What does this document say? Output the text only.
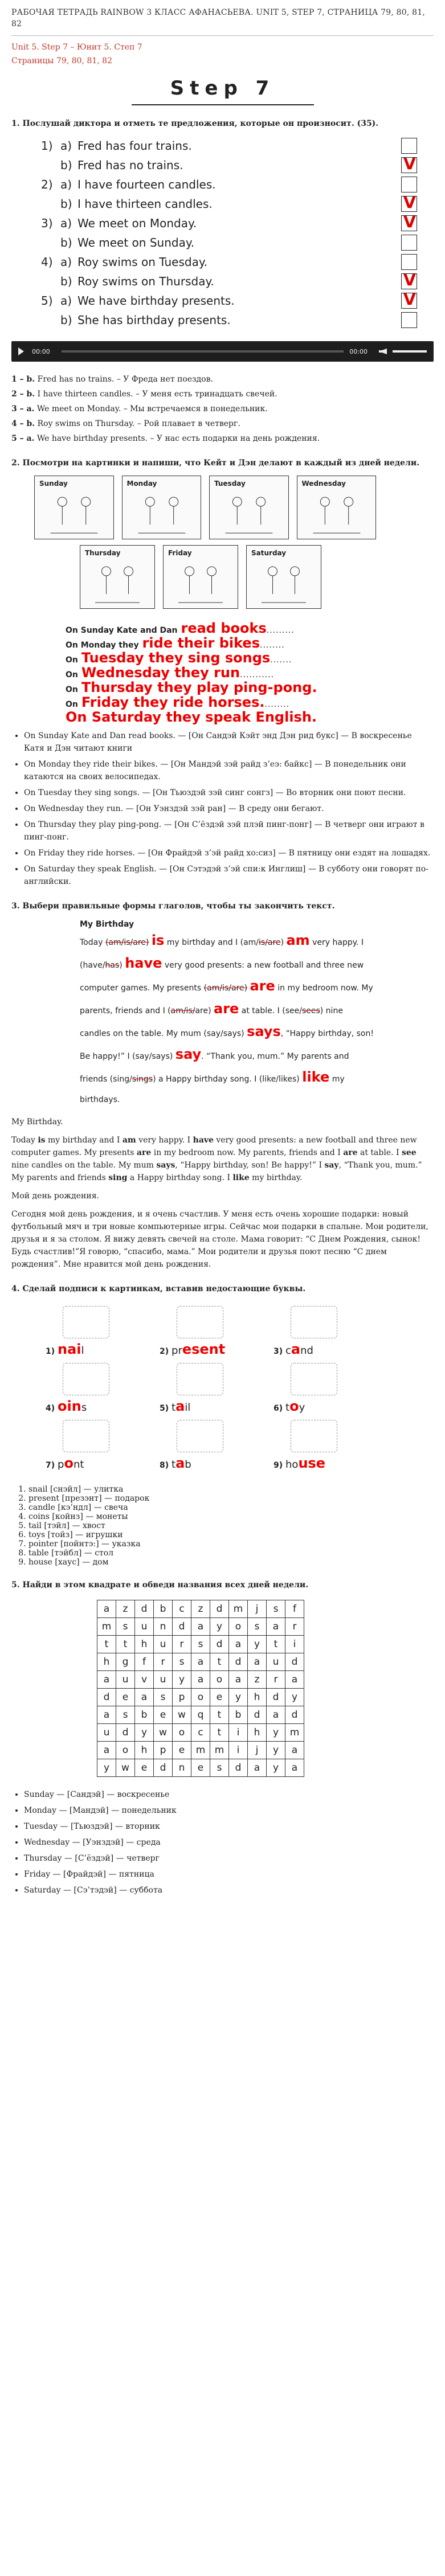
РАБОЧАЯ ТЕТРАДЬ RAINBOW 3 КЛАСС АФАНАСЬЕВА. UNIT 5, STEP 7, СТРАНИЦА 79, 80, 81, 82
Unit 5. Step 7 – Юнит 5. Степ 7
Страницы 79, 80, 81, 82
Step 7
1. Послушай диктора и отметь те предложения, которые он произносит. (35).
1) a) Fred has four trains.
b) Fred has no trains.	V
2) a) I have fourteen candles.
b) I have thirteen candles.	V
3) a) We meet on Monday.	V
b) We meet on Sunday.
4) a) Roy swims on Tuesday.
b) Roy swims on Thursday.	V
5) a) We have birthday presents.	V
b) She has birthday presents.
00:00	00:00

1 – b. Fred has no trains. – У Фреда нет поездов.

2 – b. I have thirteen candles. – У меня есть тринадцать свечей.

3 – a. We meet on Monday. – Мы встречаемся в понедельник.

4 – b. Roy swims on Thursday. – Рой плавает в четверг.

5 – a. We have birthday presents. – У нас есть подарки на день рождения.

2. Посмотри на картинки и напиши, что Кейт и Дэн делают в каждый из дней недели.
Sunday	Monday	Tuesday	Wednesday
Thursday	Friday	Saturday
On Sunday Kate and Dan read books .........
On Monday they ride their bikes ........
On Tuesday they sing songs .......
On Wednesday they run ...........
On Thursday they play ping-pong.
On Friday they ride horses. ........
On Saturday they speak English.
• On Sunday Kate and Dan read books. — [Он Сандэй Кэйт энд Дэн рид букс] — В воскресенье Катя и Дэн читают книги
• On Monday they ride their bikes. — [Он Мандэй зэй райд з’еэ: байкс] — В понедельник они катаются на своих велосипедах.
• On Tuesday they sing songs. — [Он Тьюздэй зэй синг сонгз] — Во вторник они поют песни.
• On Wednesday they run. — [Он Уэнздэй зэй ран] — В среду они бегают.
• On Thursday they play ping-pong. — [Он С’ёздэй зэй плэй пинг-понг] — В четверг они играют в пинг-понг.
• On Friday they ride horses. — [Он Фрайдэй з’эй райд хо:сиз] — В пятницу они ездят на лошадях.
• On Saturday they speak English. — [Он Сэтэдэй з’эй спи:к Инглиш] — В субботу они говорят по-английски.
3. Выбери правильные формы глаголов, чтобы ты закончить текст.
My Birthday
Today (am/is/are) is my birthday and I (am/is/are) am very happy. I (have/has) have very good presents: a new football and three new computer games. My presents (am/is/are) are in my bedroom now. My parents, friends and I (am/is/are) are at table. I (see/sees) nine candles on the table. My mum (say/says) says, “Happy birthday, son! Be happy!” I (say/says) say. “Thank you, mum.” My parents and friends (sing/sings) a Happy birthday song. I (like/likes) like my birthdays.

My Birthday.

Today is my birthday and I am very happy. I have very good presents: a new football and three new computer games. My presents are in my bedroom now. My parents, friends and I are at table. I see nine candles on the table. My mum says, “Happy birthday, son! Be happy!” I say, “Thank you, mum.” My parents and friends sing a Happy birthday song. I like my birthday.

Мой день рождения.

Сегодня мой день рождения, и я очень счастлив. У меня есть очень хорошие подарки: новый футбольный мяч и три новые компьютерные игры. Сейчас мои подарки в спальне. Мои родители, друзья и я за столом. Я вижу девять свечей на столе. Мама говорит: “С Днем Рождения, сынок! Будь счастлив!”Я говорю, “спасибо, мама.” Мои родители и друзья поют песню “С днем рождения”. Мне нравится мой день рождения.

4. Сделай подписи к картинкам, вставив недостающие буквы.
1) nail	2) present	3) cand
4) oins	5) tail	6) toy
7) pont	8) tab	9) house
1. snail [снэйл] — улитка
2. present [презэнт] — подарок
3. candle [кэ’ндл] — свеча
4. coins [койнз] — монеты
5. tail [тэйл] — хвост
6. toys [тойз] — игрушки
7. pointer [пойнтэ:] — указка
8. table [тэйбл] — стол
9. house [хаус] — дом
5. Найди в этом квадрате и обведи названия всех дней недели.
a	z	d	b	c	z	d	m	j	s	f
m	s	u	n	d	a	y	o	s	a	r
t	t	h	u	r	s	d	a	y	t	i
h	g	f	r	s	a	t	d	a	u	d
a	u	v	u	y	a	o	a	z	r	a
d	e	a	s	p	o	e	y	h	d	y
a	s	b	e	w	q	t	b	d	a	d
u	d	y	w	o	c	t	i	h	y	m
a	o	h	p	e	m	m	i	j	y	a
y	w	e	d	n	e	s	d	a	y	a
• Sunday — [Сандэй] — воскресенье
• Monday — [Мандэй] — понедельник
• Tuesday — [Тьюздэй] — вторник
• Wednesday — [Уэнздэй] — среда
• Thursday — [С’ёздэй] — четверг
• Friday — [Фрайдэй] — пятница
• Saturday — [Сэ’тэдэй] — суббота
